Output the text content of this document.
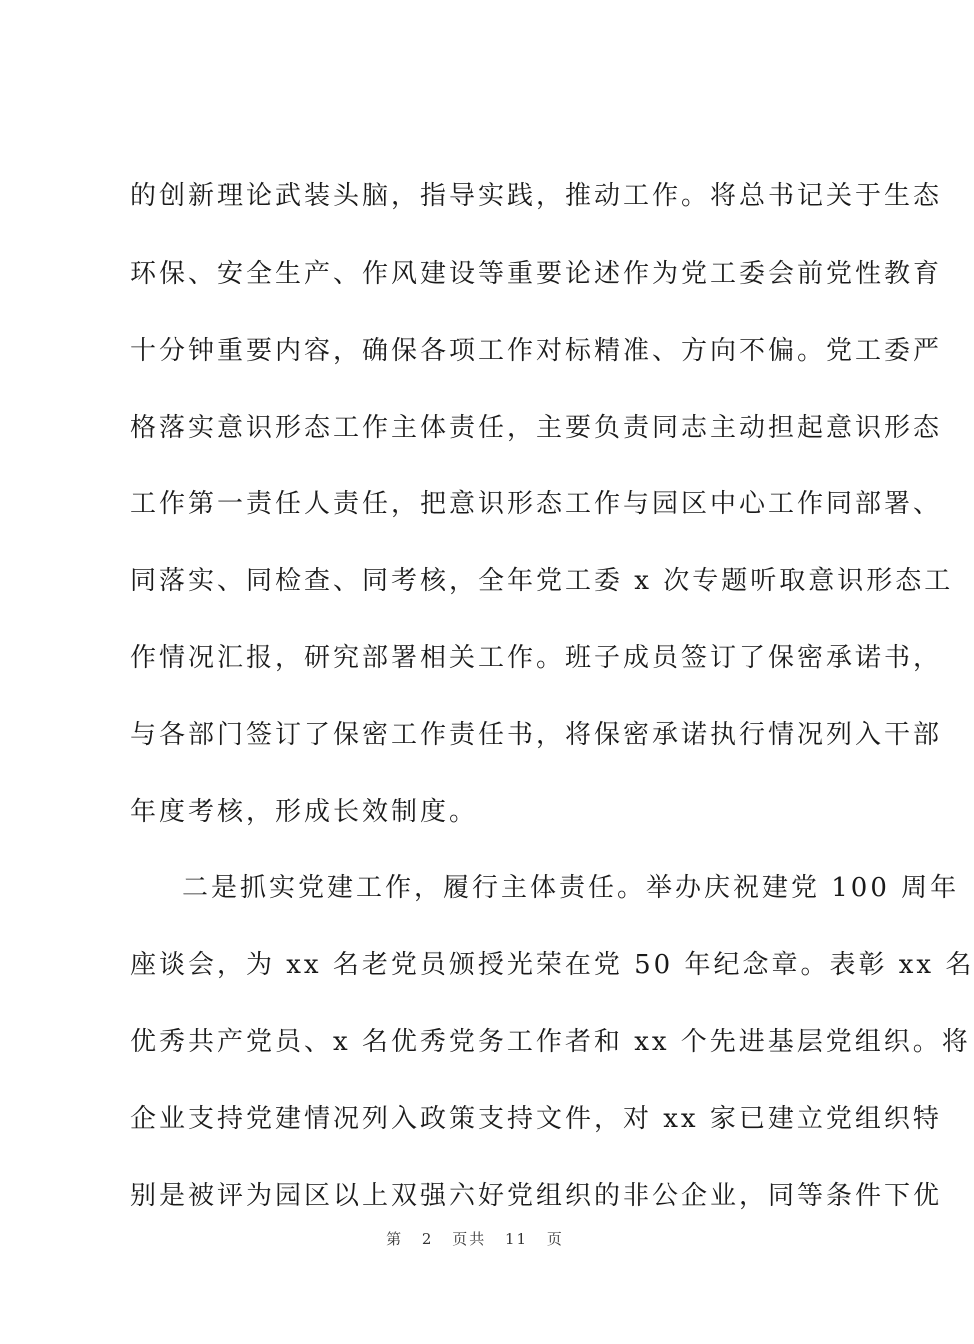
的创新理论武装头脑，指导实践，推动工作。将总书记关于生态
环保、安全生产、作风建设等重要论述作为党工委会前党性教育
十分钟重要内容，确保各项工作对标精准、方向不偏。党工委严
格落实意识形态工作主体责任，主要负责同志主动担起意识形态
工作第一责任人责任，把意识形态工作与园区中心工作同部署、
同落实、同检查、同考核，全年党工委 x 次专题听取意识形态工
作情况汇报，研究部署相关工作。班子成员签订了保密承诺书，
与各部门签订了保密工作责任书，将保密承诺执行情况列入干部
年度考核，形成长效制度。
二是抓实党建工作，履行主体责任。举办庆祝建党 100 周年
座谈会，为 xx 名老党员颁授光荣在党 50 年纪念章。表彰 xx 名
优秀共产党员、x 名优秀党务工作者和 xx 个先进基层党组织。将
企业支持党建情况列入政策支持文件，对 xx 家已建立党组织特
别是被评为园区以上双强六好党组织的非公企业，同等条件下优
第 2 页共 11 页
